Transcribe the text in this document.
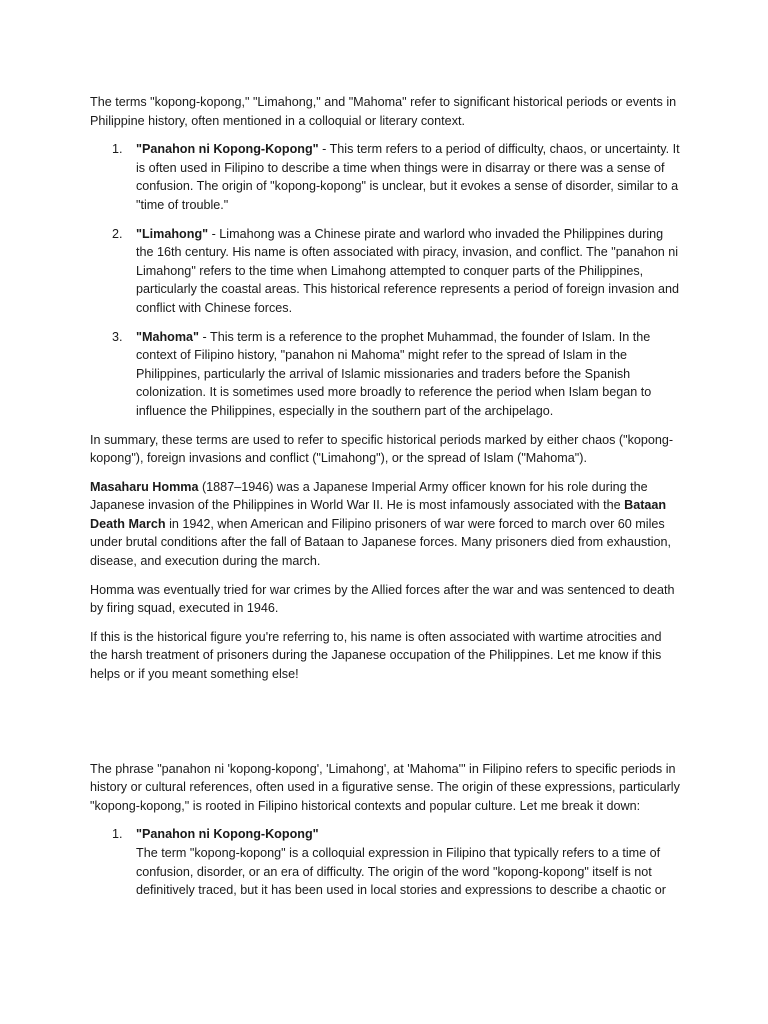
The terms "kopong-kopong," "Limahong," and "Mahoma" refer to significant historical periods or events in Philippine history, often mentioned in a colloquial or literary context.

1. "Panahon ni Kopong-Kopong" - This term refers to a period of difficulty, chaos, or uncertainty. It is often used in Filipino to describe a time when things were in disarray or there was a sense of confusion. The origin of "kopong-kopong" is unclear, but it evokes a sense of disorder, similar to a "time of trouble."
2. "Limahong" - Limahong was a Chinese pirate and warlord who invaded the Philippines during the 16th century. His name is often associated with piracy, invasion, and conflict. The "panahon ni Limahong" refers to the time when Limahong attempted to conquer parts of the Philippines, particularly the coastal areas. This historical reference represents a period of foreign invasion and conflict with Chinese forces.
3. "Mahoma" - This term is a reference to the prophet Muhammad, the founder of Islam. In the context of Filipino history, "panahon ni Mahoma" might refer to the spread of Islam in the Philippines, particularly the arrival of Islamic missionaries and traders before the Spanish colonization. It is sometimes used more broadly to reference the period when Islam began to influence the Philippines, especially in the southern part of the archipelago.

In summary, these terms are used to refer to specific historical periods marked by either chaos ("kopong-kopong"), foreign invasions and conflict ("Limahong"), or the spread of Islam ("Mahoma").

Masaharu Homma (1887–1946) was a Japanese Imperial Army officer known for his role during the Japanese invasion of the Philippines in World War II. He is most infamously associated with the Bataan Death March in 1942, when American and Filipino prisoners of war were forced to march over 60 miles under brutal conditions after the fall of Bataan to Japanese forces. Many prisoners died from exhaustion, disease, and execution during the march.

Homma was eventually tried for war crimes by the Allied forces after the war and was sentenced to death by firing squad, executed in 1946.

If this is the historical figure you're referring to, his name is often associated with wartime atrocities and the harsh treatment of prisoners during the Japanese occupation of the Philippines. Let me know if this helps or if you meant something else!

The phrase "panahon ni 'kopong-kopong', 'Limahong', at 'Mahoma'" in Filipino refers to specific periods in history or cultural references, often used in a figurative sense. The origin of these expressions, particularly "kopong-kopong," is rooted in Filipino historical contexts and popular culture. Let me break it down:

1. "Panahon ni Kopong-Kopong"
The term "kopong-kopong" is a colloquial expression in Filipino that typically refers to a time of confusion, disorder, or an era of difficulty. The origin of the word "kopong-kopong" itself is not definitively traced, but it has been used in local stories and expressions to describe a chaotic or
